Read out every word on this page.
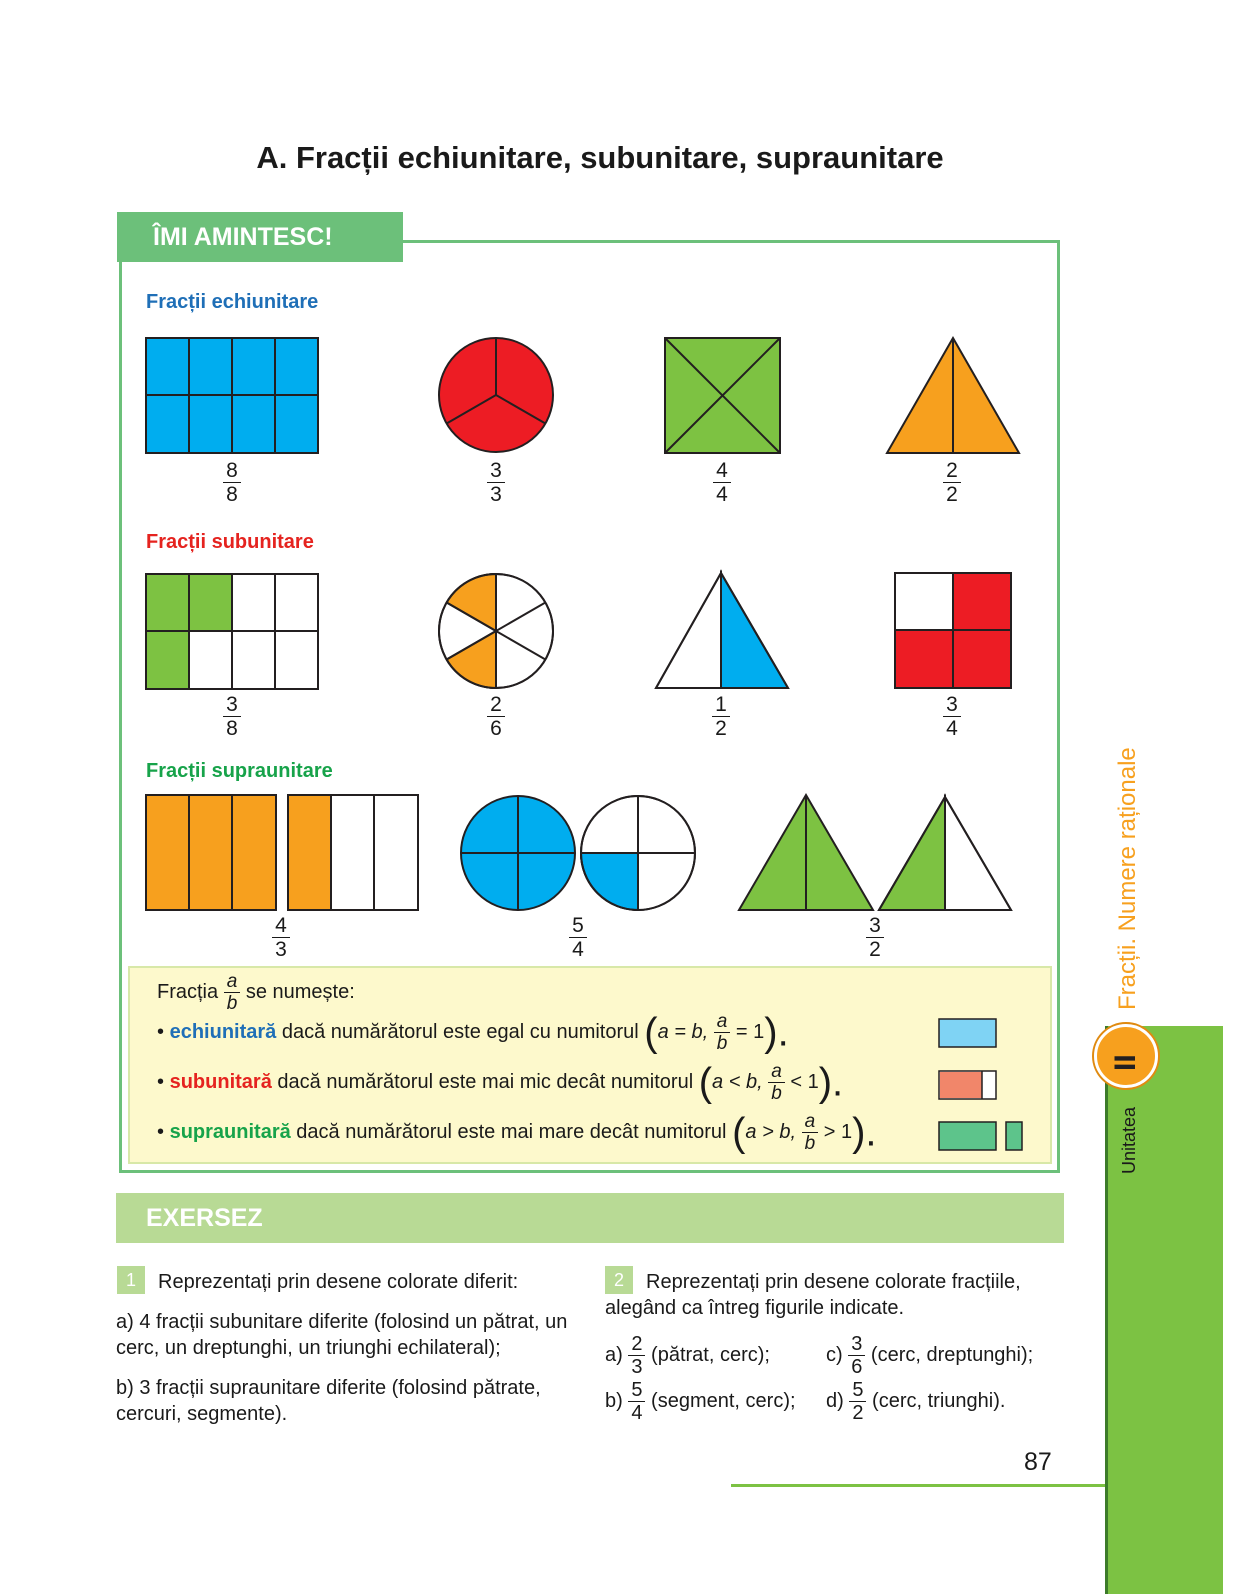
A. Fracții echiunitare, subunitare, supraunitare
ÎMI AMINTESC!
Fracții echiunitare
Fracții subunitare
Fracții supraunitare
8
8
3
3
4
4
2
2
3
8
2
6
1
2
3
4
4
3
5
4
3
2
Fracția $\frac{a}{b}$ se numește:
• echiunitară dacă numărătorul este egal cu numitorul (a = b, $\frac{a}{b} = 1$).
• subunitară dacă numărătorul este mai mic decât numitorul (a < b, $\frac{a}{b} < 1$).
• supraunitară dacă numărătorul este mai mare decât numitorul (a > b, $\frac{a}{b} > 1$).
EXERSEZ
1	Reprezentați prin desene colorate diferit:
a) 4 fracții subunitare diferite (folosind un pătrat, un cerc, un dreptunghi, un triunghi echilateral);
b) 3 fracții supraunitare diferite (folosind pătrate, cercuri, segmente).
2	Reprezentați prin desene colorate fracțiile, alegând ca întreg figurile indicate.
$a) \frac{2}{3}$ (pătrat, cerc);	$c) \frac{3}{6}$ (cerc, dreptunghi);
$b) \frac{5}{4}$ (segment, cerc); $d) \frac{5}{2}$ (cerc, triunghi).
87
Fracții. Numere raționale
Unitatea
II
